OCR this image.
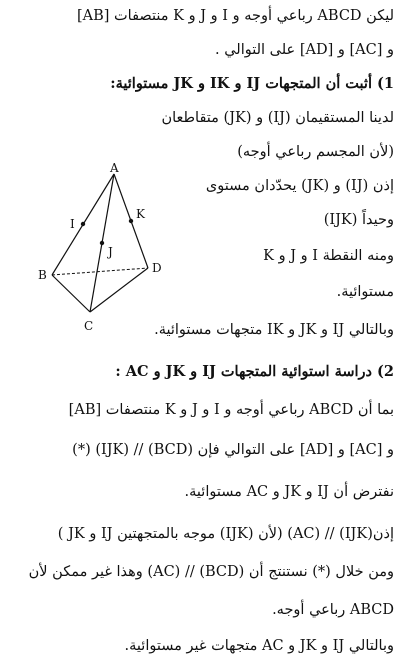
ليكن ABCD رباعي أوجه و I و J و K منتصفات [AB]
و [AC] و [AD] على التوالي .
1) أثبت أن المتجهات IJ و IK و JK مستوائية:
لدينا المستقيمان (IJ) و (JK) متقاطعان
(لأن المجسم رباعي أوجه)
إذن (IJ) و (JK) يحدّدان مستوى
وحيداً (IJK)
ومنه النقطة I و J و K
مستوائية.
وبالتالي IJ و JK و IK متجهات مستوائية.
2) دراسة استوائية المتجهات IJ و JK و AC :
بما أن ABCD رباعي أوجه و I و J و K منتصفات [AB]
و [AC] و [AD] على التوالي فإن (BCD) // (IJK) (*)
نفترض أن IJ و JK و AC مستوائية.
إذن(IJK) // (AC) (لأن (IJK) موجه بالمتجهتين IJ و JK )
ومن خلال (*) نستنتج أن (BCD) // (AC) وهذا غير ممكن لأن
ABCD رباعي أوجه.
وبالتالي IJ و JK و AC متجهات غير مستوائية.
A
B
C
D
I
J
K
